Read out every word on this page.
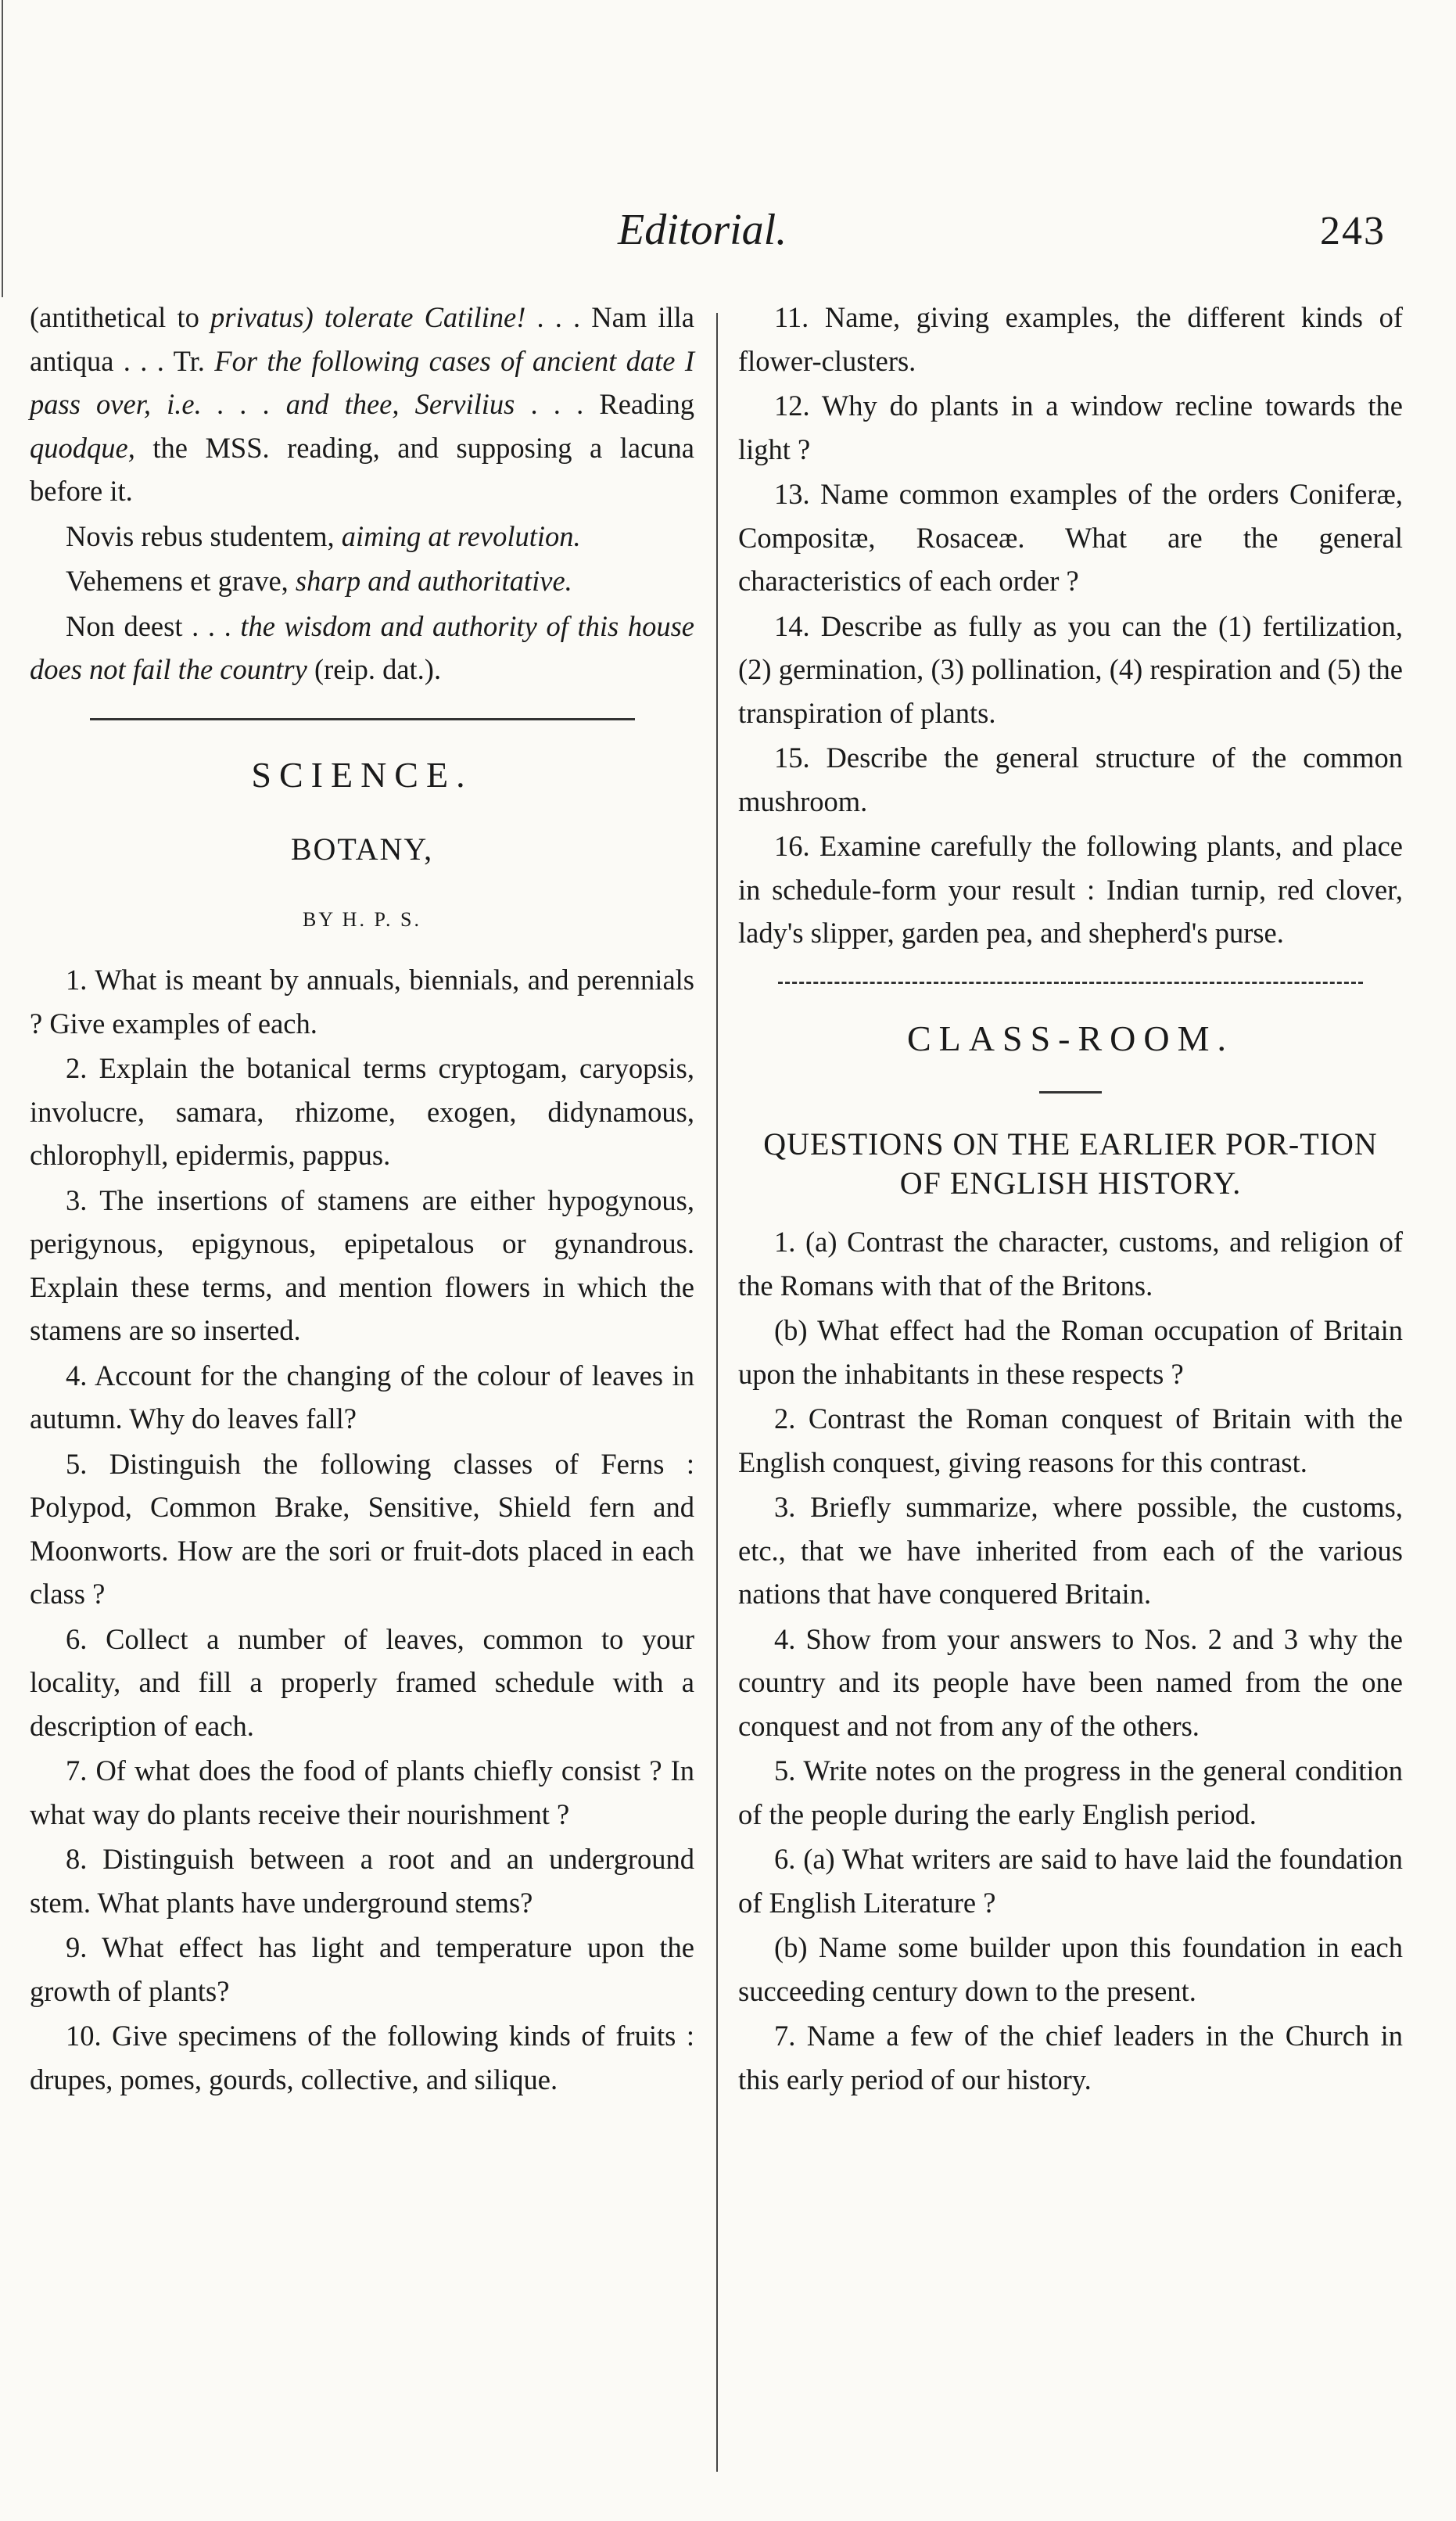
Editorial.	243

(antithetical to privatus) tolerate Catiline! . . . Nam illa antiqua . . . Tr. For the following cases of ancient date I pass over, i.e. . . . and thee, Servilius . . . Reading quodque, the MSS. reading, and supposing a lacuna before it.

Novis rebus studentem, aiming at revolution.

Vehemens et grave, sharp and authoritative.

Non deest . . . the wisdom and authority of this house does not fail the country (reip. dat.).

SCIENCE.
BOTANY,
BY H. P. S.

1. What is meant by annuals, biennials, and perennials ? Give examples of each.

2. Explain the botanical terms cryptogam, caryopsis, involucre, samara, rhizome, exogen, didynamous, chlorophyll, epidermis, pappus.

3. The insertions of stamens are either hypogynous, perigynous, epigynous, epipetalous or gynandrous. Explain these terms, and mention flowers in which the stamens are so inserted.

4. Account for the changing of the colour of leaves in autumn. Why do leaves fall?

5. Distinguish the following classes of Ferns : Polypod, Common Brake, Sensitive, Shield fern and Moonworts. How are the sori or fruit-dots placed in each class ?

6. Collect a number of leaves, common to your locality, and fill a properly framed schedule with a description of each.

7. Of what does the food of plants chiefly consist ? In what way do plants receive their nourishment ?

8. Distinguish between a root and an underground stem. What plants have underground stems?

9. What effect has light and temperature upon the growth of plants?

10. Give specimens of the following kinds of fruits : drupes, pomes, gourds, collective, and silique.

11. Name, giving examples, the different kinds of flower-clusters.

12. Why do plants in a window recline towards the light ?

13. Name common examples of the orders Coniferæ, Compositæ, Rosaceæ. What are the general characteristics of each order ?

14. Describe as fully as you can the (1) fertilization, (2) germination, (3) pollination, (4) respiration and (5) the transpiration of plants.

15. Describe the general structure of the common mushroom.

16. Examine carefully the following plants, and place in schedule-form your result : Indian turnip, red clover, lady's slipper, garden pea, and shepherd's purse.

CLASS-ROOM.
QUESTIONS ON THE EARLIER POR-TION OF ENGLISH HISTORY.

1. (a) Contrast the character, customs, and religion of the Romans with that of the Britons.

(b) What effect had the Roman occupation of Britain upon the inhabitants in these respects ?

2. Contrast the Roman conquest of Britain with the English conquest, giving reasons for this contrast.

3. Briefly summarize, where possible, the customs, etc., that we have inherited from each of the various nations that have conquered Britain.

4. Show from your answers to Nos. 2 and 3 why the country and its people have been named from the one conquest and not from any of the others.

5. Write notes on the progress in the general condition of the people during the early English period.

6. (a) What writers are said to have laid the foundation of English Literature ?

(b) Name some builder upon this foundation in each succeeding century down to the present.

7. Name a few of the chief leaders in the Church in this early period of our history.
